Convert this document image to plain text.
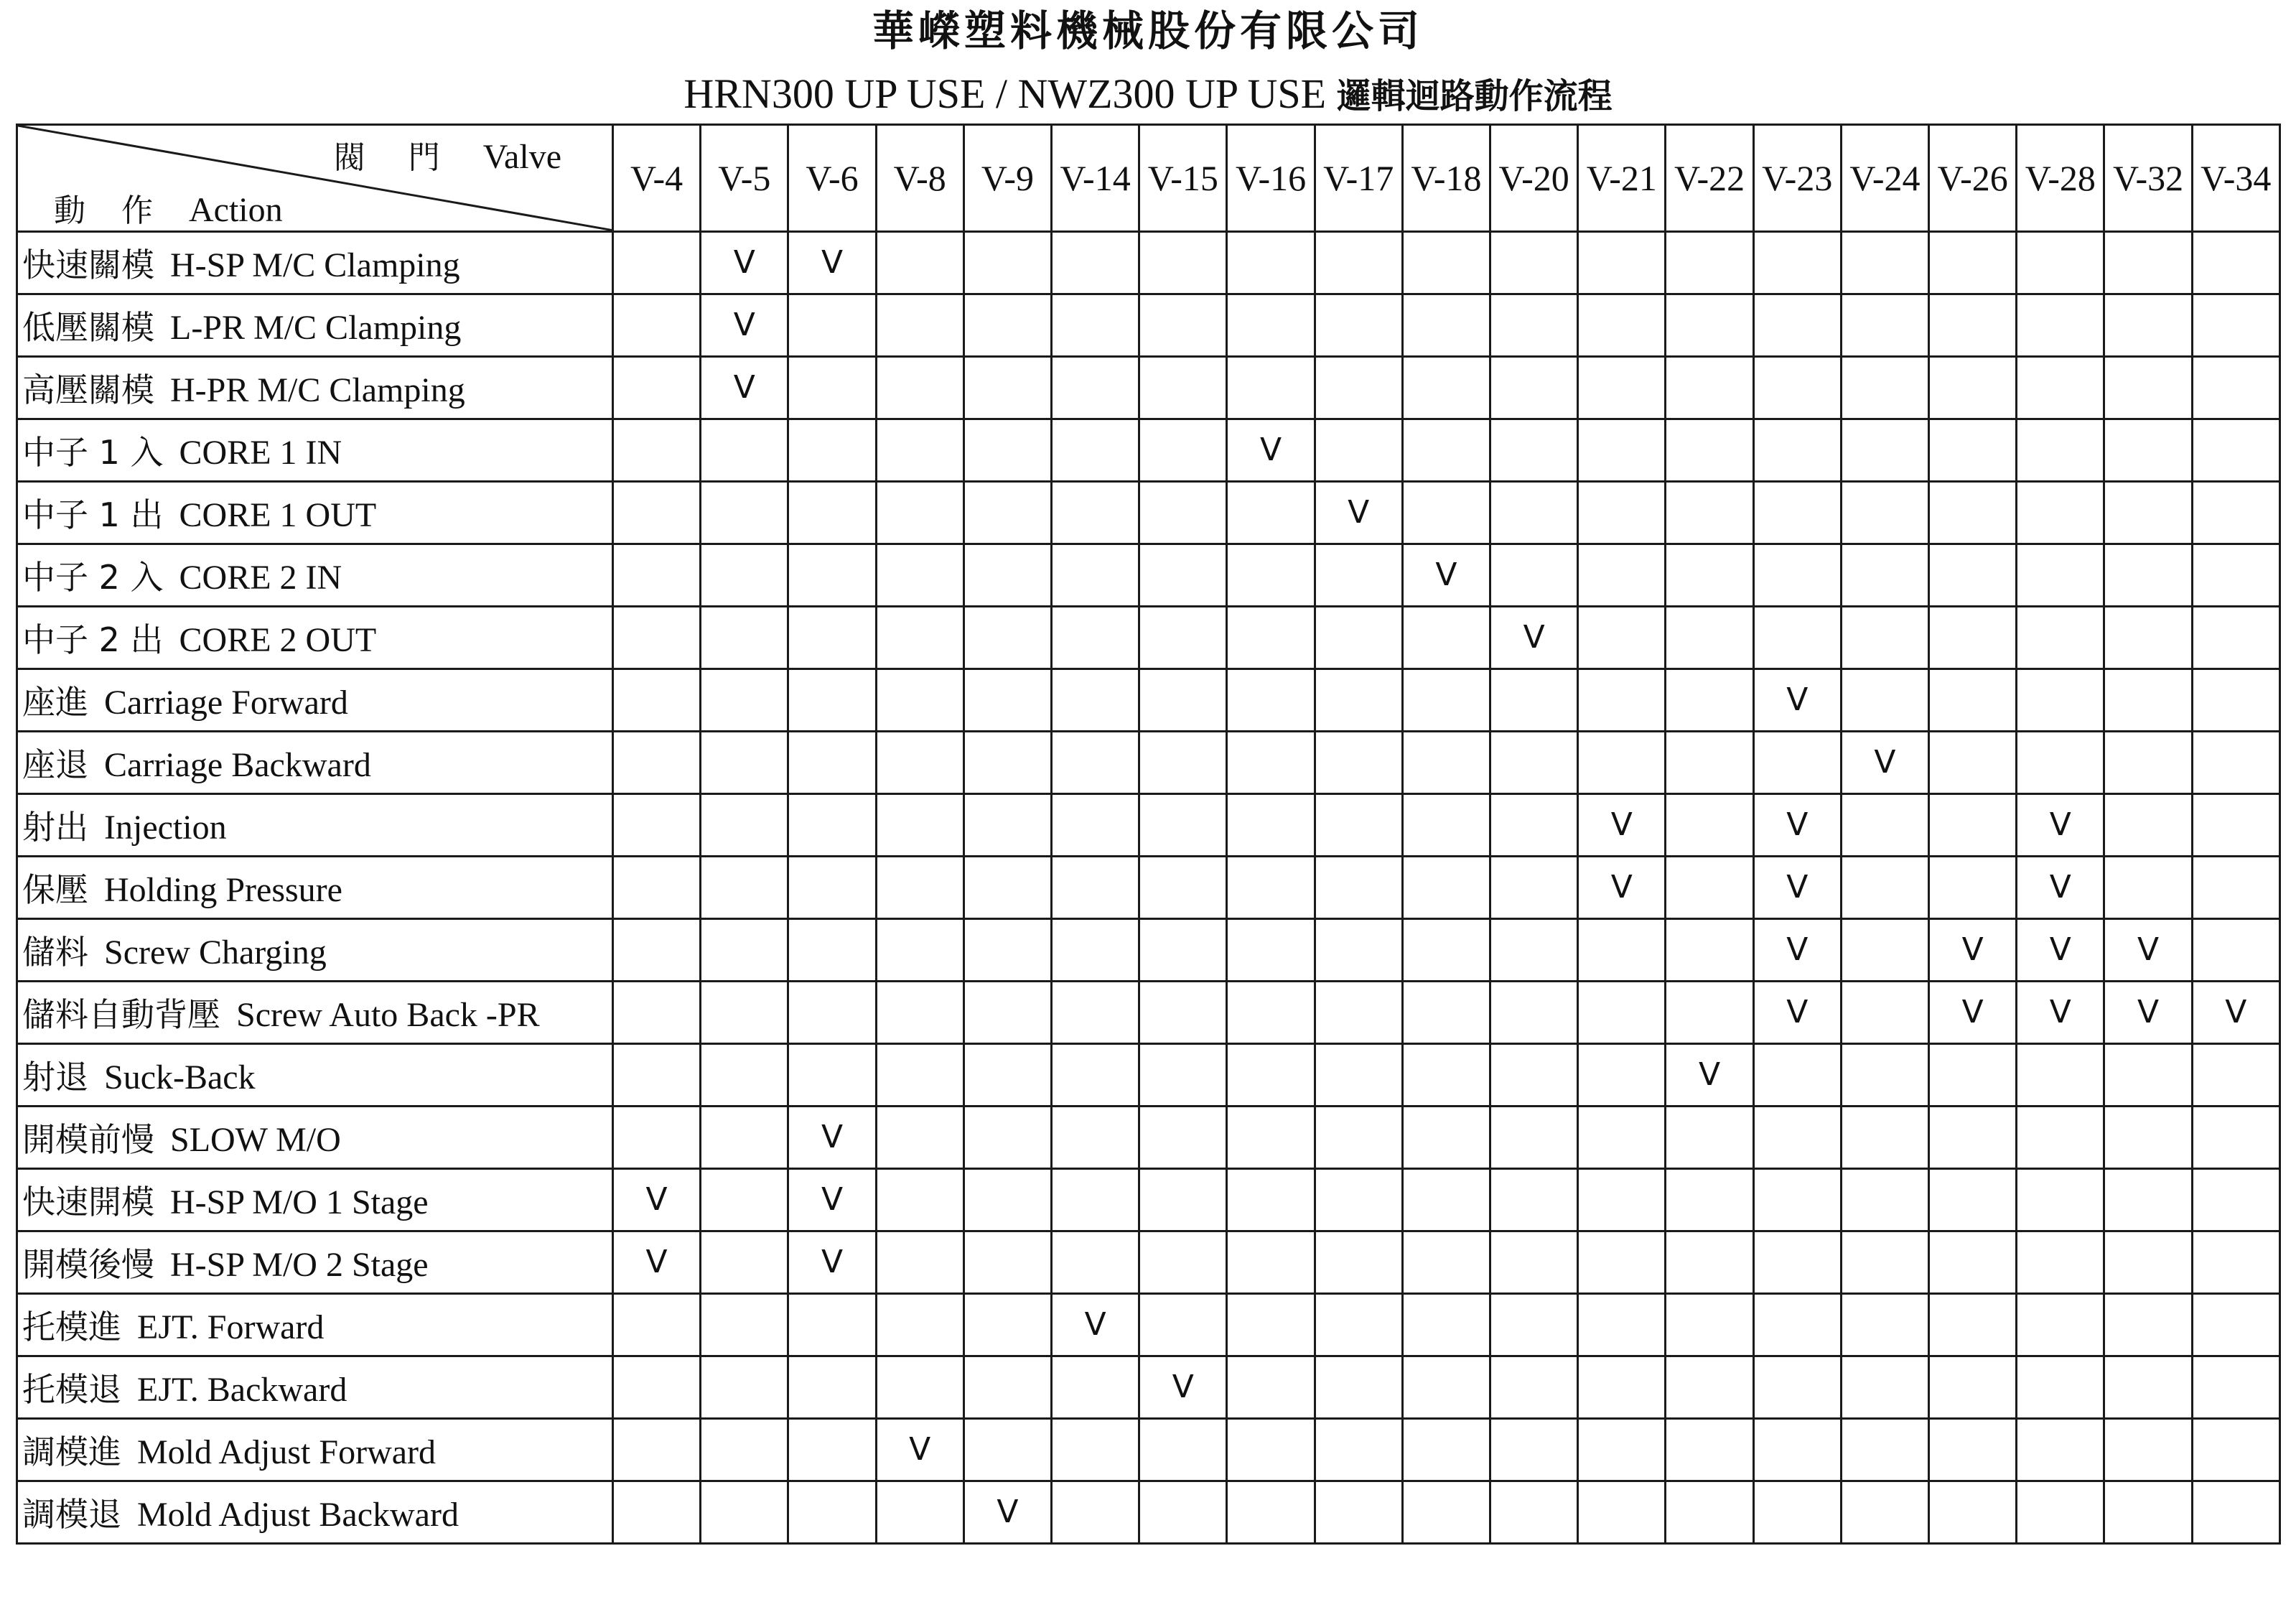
華嶸塑料機械股份有限公司
HRN300 UP USE / NWZ300 UP USE 邏輯迴路動作流程
閥門Valve
動作Action	V-4	V-5	V-6	V-8	V-9	V-14	V-15	V-16	V-17	V-18	V-20	V-21	V-22	V-23	V-24	V-26	V-28	V-32	V-34
快速關模 H-SP M/C Clamping		V	V																
低壓關模 L-PR M/C Clamping		V																	
高壓關模 H-PR M/C Clamping		V																	
中子 1 入 CORE 1 IN								V											
中子 1 出 CORE 1 OUT									V										
中子 2 入 CORE 2 IN										V									
中子 2 出 CORE 2 OUT											V								
座進 Carriage Forward														V					
座退 Carriage Backward															V				
射出 Injection												V		V			V		
保壓 Holding Pressure												V		V			V		
儲料 Screw Charging														V		V	V	V	
儲料自動背壓 Screw Auto Back -PR														V		V	V	V	V
射退 Suck-Back													V						
開模前慢 SLOW M/O			V																
快速開模 H-SP M/O 1 Stage	V		V																
開模後慢 H-SP M/O 2 Stage	V		V																
托模進 EJT. Forward						V													
托模退 EJT. Backward							V												
調模進 Mold Adjust Forward				V															
調模退 Mold Adjust Backward					V														
